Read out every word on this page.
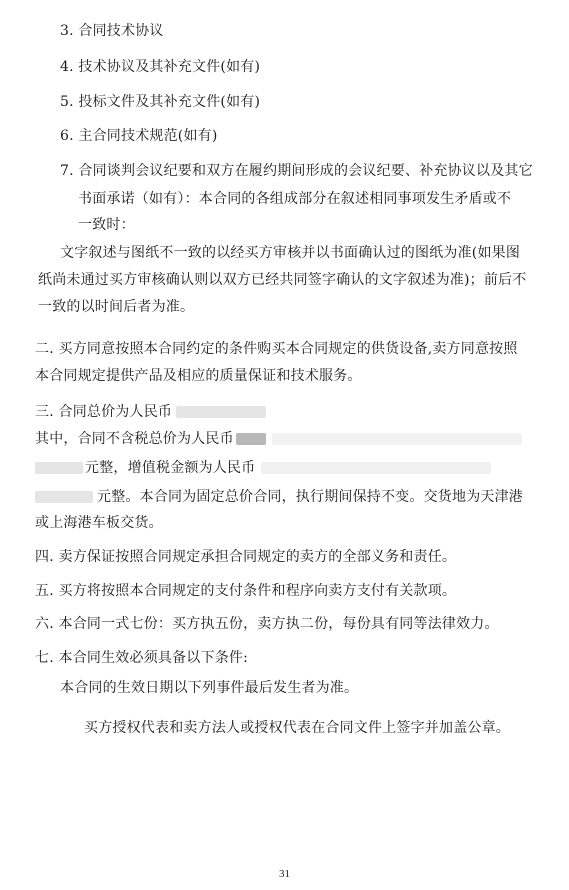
3. 合同技术协议
4. 技术协议及其补充文件(如有)
5. 投标文件及其补充文件(如有)
6. 主合同技术规范(如有)
7. 合同谈判会议纪要和双方在履约期间形成的会议纪要、补充协议以及其它
书面承诺（如有）：本合同的各组成部分在叙述相同事项发生矛盾或不
一致时：
文字叙述与图纸不一致的以经买方审核并以书面确认过的图纸为准(如果图
纸尚未通过买方审核确认则以双方已经共同签字确认的文字叙述为准)；前后不
一致的以时间后者为准。
二. 买方同意按照本合同约定的条件购买本合同规定的供货设备,卖方同意按照
本合同规定提供产品及相应的质量保证和技术服务。
三. 合同总价为人民币
其中，合同不含税总价为人民币
元整，增值税金额为人民币
元整。本合同为固定总价合同，执行期间保持不变。交货地为天津港
或上海港车板交货。
四. 卖方保证按照合同规定承担合同规定的卖方的全部义务和责任。
五. 买方将按照本合同规定的支付条件和程序向卖方支付有关款项。
六. 本合同一式七份：买方执五份，卖方执二份，每份具有同等法律效力。
七. 本合同生效必须具备以下条件:
本合同的生效日期以下列事件最后发生者为准。
买方授权代表和卖方法人或授权代表在合同文件上签字并加盖公章。
31
